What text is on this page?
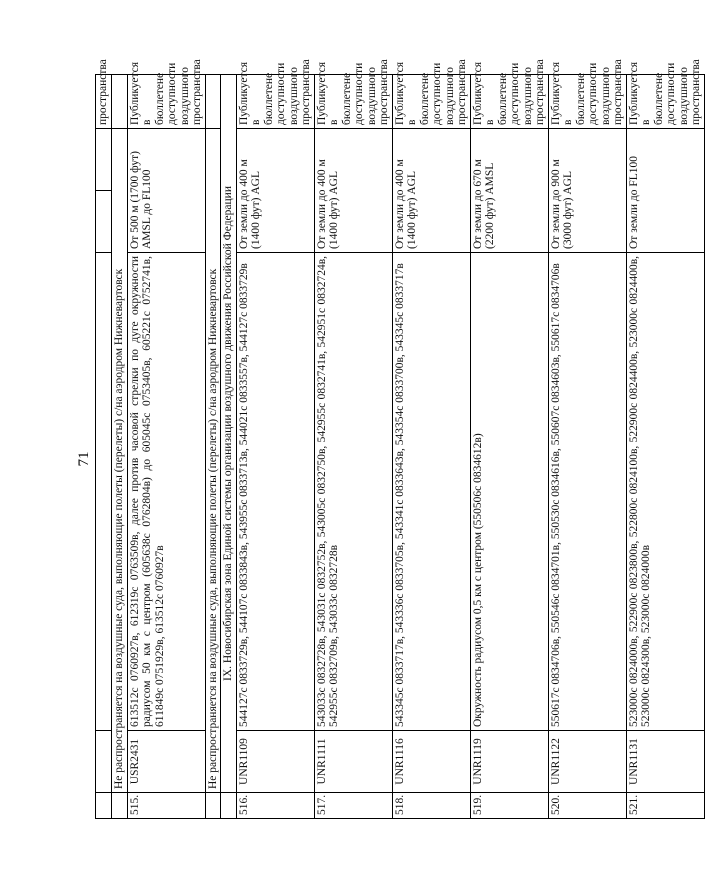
71
					пространства
	Не распространяется на воздушные суда, выполняющие полеты (перелеты) с/на аэродром Нижневартовск				
515.	USR2431	613512с 0760927в, 612319с 0763509в, далее против часовой стрелки по дуге окружности радиусом 50 км с центром (605638с 0762804в) до 605045с 0753405в, 605221с 0752741в, 611849с 0751929в, 613512с 0760927в	От 500 м (1700 фут) AMSL до FL100		Публикуется в бюллетене доступности воздушного пространства
	Не распространяется на воздушные суда, выполняющие полеты (перелеты) с/на аэродром Нижневартовск				
	IX. Новосибирская зона Единой системы организации воздушного движения Российской Федерации				
516.	UNR1109	544127с 0833729в, 544107с 0833843в, 543955с 0833713в, 544021с 0833557в, 544127с 0833729в	От земли до 400 м (1400 фут) AGL		Публикуется в бюллетене доступности воздушного пространства
517.	UNR1111	543033с 0832728в, 543031с 0832752в, 543005с 0832750в, 542955с 0832741в, 542951с 0832724в, 542955с 0832709в, 543033с 0832728в	От земли до 400 м (1400 фут) AGL		Публикуется в бюллетене доступности воздушного пространства
518.	UNR1116	543345с 0833717в, 543336с 0833705в, 543341с 0833643в, 543354с 0833700в, 543345с 0833717в	От земли до 400 м (1400 фут) AGL		Публикуется в бюллетене доступности воздушного пространства
519.	UNR1119	Окружность радиусом 0,5 км с центром (550506с 0834612в)	От земли до 670 м (2200 фут) AMSL		Публикуется в бюллетене доступности воздушного пространства
520.	UNR1122	550617с 0834706в, 550546с 0834701в, 550530с 0834616в, 550607с 0834603в, 550617с 0834706в	От земли до 900 м (3000 фут) AGL		Публикуется в бюллетене доступности воздушного пространства
521.	UNR1131	523000с 0824000в, 522900с 0823800в, 522800с 0824100в, 522900с 0824400в, 523000с 0824400в, 523000с 0824300в, 523000с 0824000в	От земли до FL100		Публикуется в бюллетене доступности воздушного пространства
